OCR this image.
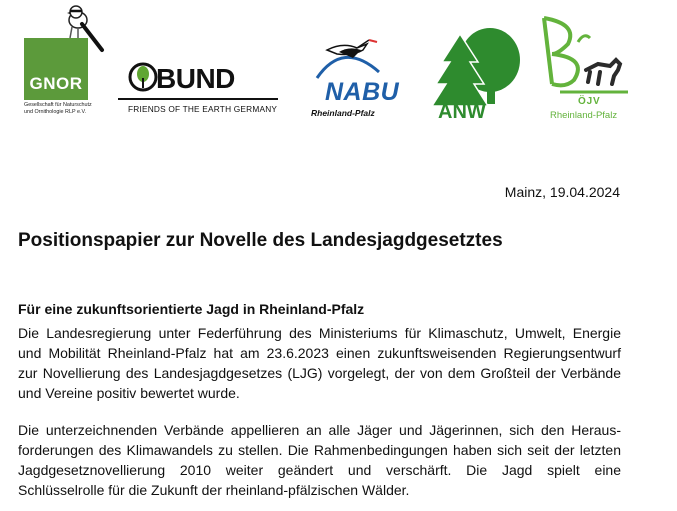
GNOR
Gesellschaft für Naturschutz
und Ornithologie RLP e.V.
BUND
FRIENDS OF THE EARTH GERMANY
NABU
Rheinland-Pfalz	ANW	ÖJV
Rheinland-Pfalz
Mainz, 19.04.2024
Positionspapier zur Novelle des Landesjagdgesetztes
Für eine zukunftsorientierte Jagd in Rheinland-Pfalz
Die Landesregierung unter Federführung des Ministeriums für Klimaschutz, Umwelt, Energie
und Mobilität Rheinland-Pfalz hat am 23.6.2023 einen zukunftsweisenden Regierungsentwurf
zur Novellierung des Landesjagdgesetzes (LJG) vorgelegt, der von dem Großteil der Verbände
und Vereine positiv bewertet wurde.
Die unterzeichnenden Verbände appellieren an alle Jäger und Jägerinnen, sich den Heraus-
forderungen des Klimawandels zu stellen. Die Rahmenbedingungen haben sich seit der letzten
Jagdgesetznovellierung 2010 weiter geändert und verschärft. Die Jagd spielt eine
Schlüsselrolle für die Zukunft der rheinland-pfälzischen Wälder.
